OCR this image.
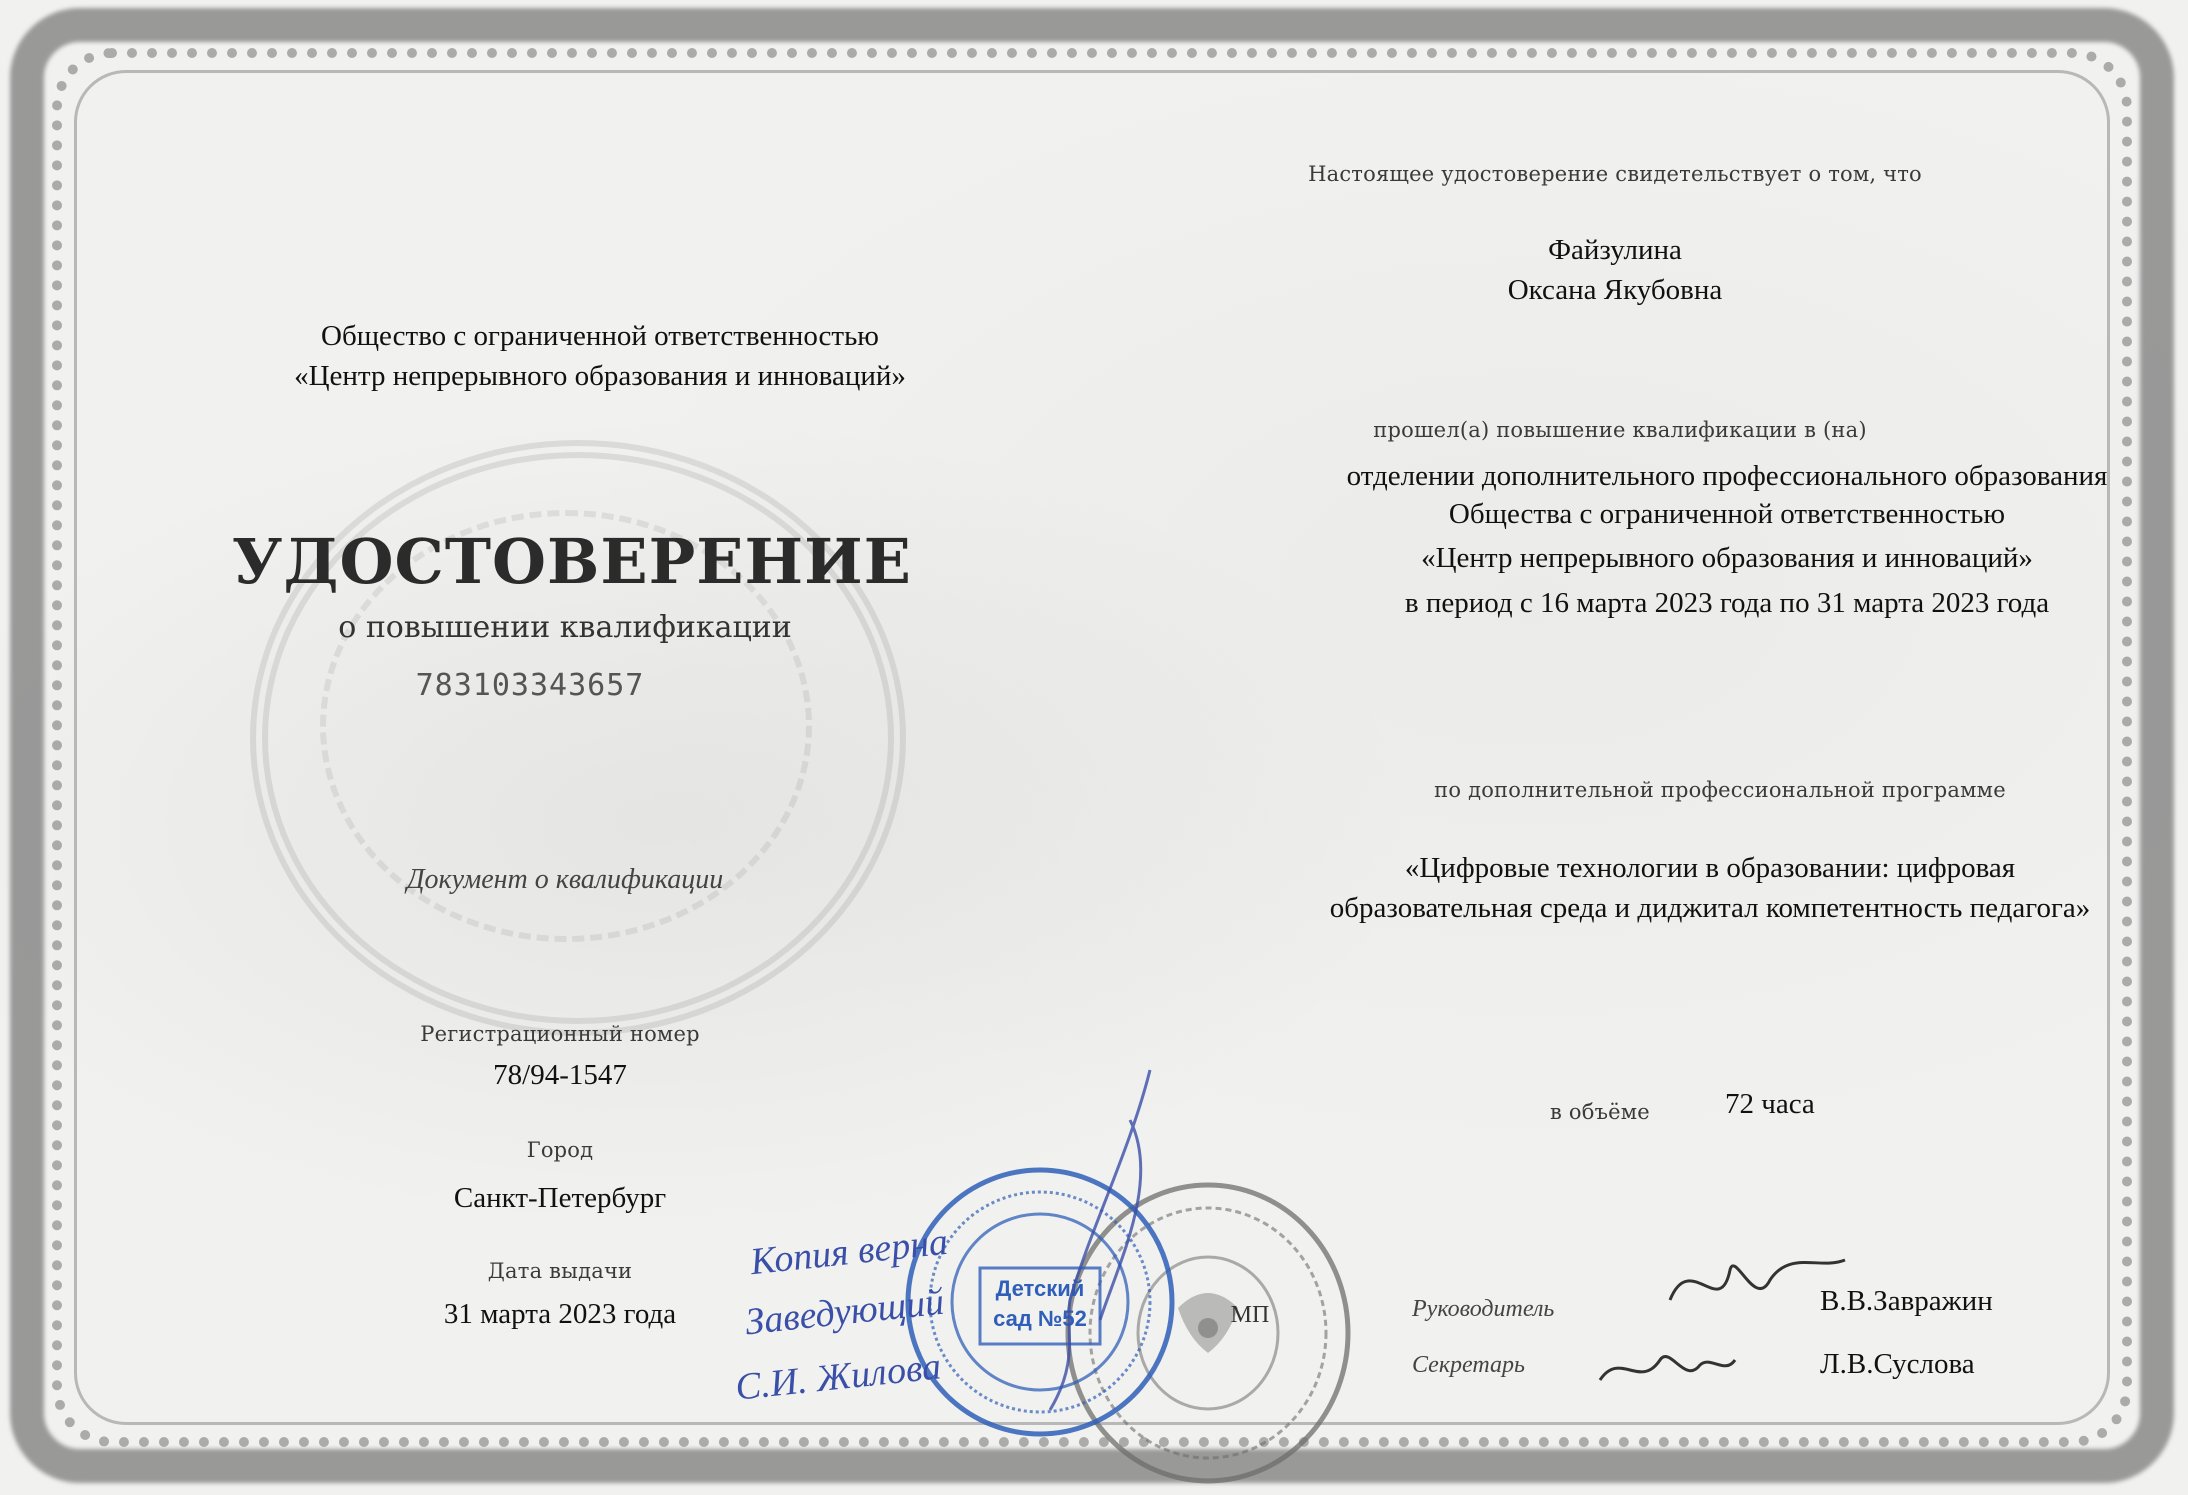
Общество с ограниченной ответственностью
«Центр непрерывного образования и инноваций»
УДОСТОВЕРЕНИЕ
о повышении квалификации
783103343657
Документ о квалификации
Регистрационный номер
78/94-1547
Город
Санкт-Петербург
Дата выдачи
31 марта 2023 года
Настоящее удостоверение свидетельствует о том, что
Файзулина
Оксана Якубовна
прошел(а) повышение квалификации в (на)
отделении дополнительного профессионального образования
Общества с ограниченной ответственностью
«Центр непрерывного образования и инноваций»
в период с 16 марта 2023 года по 31 марта 2023 года
по дополнительной профессиональной программе
«Цифровые технологии в образовании: цифровая
образовательная среда и диджитал компетентность педагога»
в объёме	72 часа
Руководитель	В.В.Завражин
Секретарь	Л.В.Суслова
МП
Детский
сад №52
Копия верна
Заведующий
С.И. Жилова
